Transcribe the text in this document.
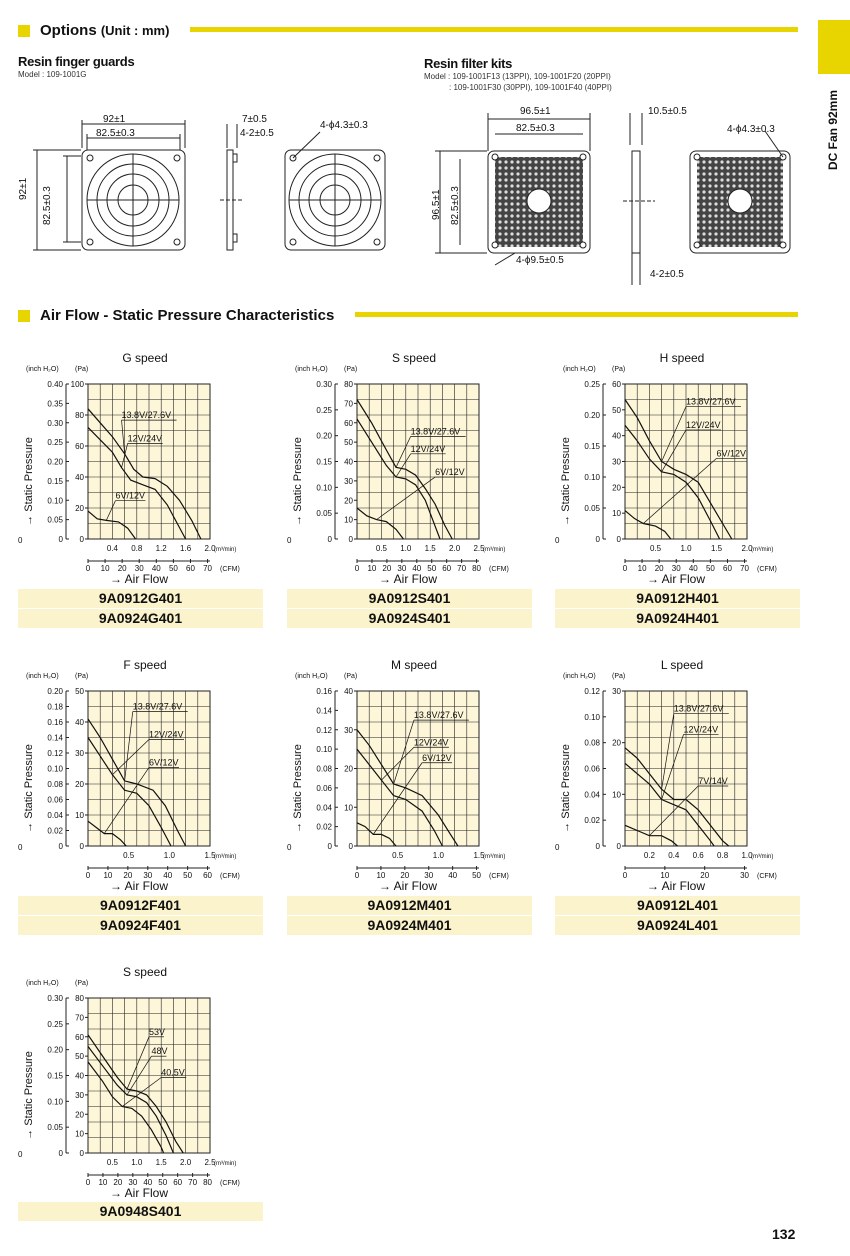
Options (Unit : mm)
DC Fan 92mm
Resin finger guards
Model : 109-1001G
92±1
82.5±0.3
92±1 82.5±0.3
7±0.5
4-2±0.5
4-ϕ4.3±0.3
Resin filter kits
Model : 109-1001F13 (13PPI), 109-1001F20 (20PPI)
: 109-1001F30 (30PPI), 109-1001F40 (40PPI)
96.5±1
82.5±0.3
96.5±1 82.5±0.3
10.5±0.5
4-2±0.5
4-ϕ4.3±0.3
4-ϕ9.5±0.5
Air Flow - Static Pressure Characteristics
G speed
(inch H₂O) (Pa)
0
20
40
60
80
100
0
0.05
0.10
0.15
0.20
0.25
0.30
0.35
0.40
0.4 0.8 1.2 1.6 2.0
0
(m³/min)
0 10 20 30 40 50 60 70 (CFM)
→ Air Flow
→ Static Pressure
13.8V/27.6V
12V/24V
6V/12V
S speed
(inch H₂O) (Pa)
0
10
20
30
40
50
60
70
80
0
0.05
0.10
0.15
0.20
0.25
0.30
0.5 1.0 1.5 2.0 2.5
0
(m³/min)
0 10 20 30 40 50 60 70 80 (CFM)
→ Air Flow
→ Static Pressure
13.8V/27.6V
12V/24V
6V/12V
H speed
(inch H₂O) (Pa)
0
10
20
30
40
50
60
0
0.05
0.10
0.15
0.20
0.25
0.5 1.0 1.5 2.0
0
(m³/min)
0 10 20 30 40 50 60 70 (CFM)
→ Air Flow
→ Static Pressure
13.8V/27.6V
12V/24V
6V/12V
F speed
(inch H₂O) (Pa)
0
10
20
30
40
50
0
0.02
0.04
0.06
0.08
0.10
0.12
0.14
0.16
0.18
0.20
0.5	1.0	1.5
0
(m³/min)
0 10 20 30 40 50 60 (CFM)
→ Air Flow
→ Static Pressure
13.8V/27.6V
12V/24V
6V/12V
M speed
(inch H₂O) (Pa)
0
10
20
30
40
0
0.02
0.04
0.06
0.08
0.10
0.12
0.14
0.16
0.5	1.0	1.5
0
(m³/min)
0 10 20 30 40 50 (CFM)
→ Air Flow
→ Static Pressure
13.8V/27.6V
12V/24V
6V/12V
L speed
(inch H₂O) (Pa)
0
10
20
30
0
0.02
0.04
0.06
0.08
0.10
0.12
0.2 0.4 0.6 0.8 1.0
0
(m³/min)
0	10	20	30 (CFM)
→ Air Flow
→ Static Pressure
13.8V/27.6V
12V/24V
7V/14V
S speed
(inch H₂O) (Pa)
0
10
20
30
40
50
60
70
80
0
0.05
0.10
0.15
0.20
0.25
0.30
0.5 1.0 1.5 2.0 2.5
0
(m³/min)
0 10 20 30 40 50 60 70 80 (CFM)
→ Air Flow
→ Static Pressure
53V
48V
40.5V
9A0912G401
9A0924G401
9A0912S401
9A0924S401
9A0912H401
9A0924H401
9A0912F401
9A0924F401
9A0912M401
9A0924M401
9A0912L401
9A0924L401
9A0948S401
132
